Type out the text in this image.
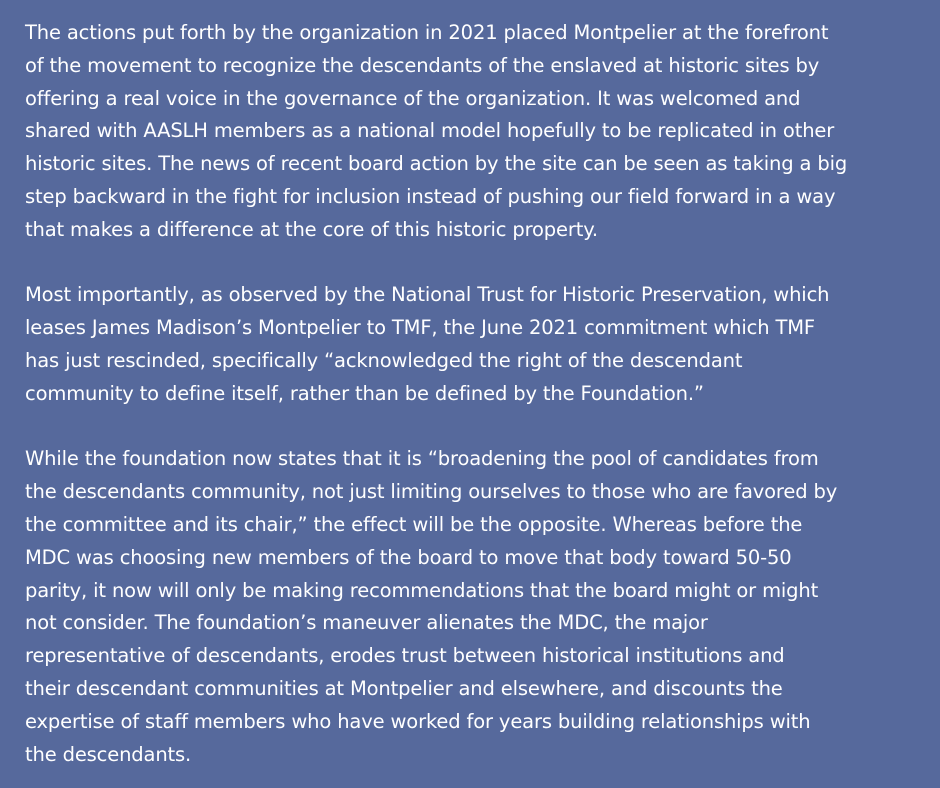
The actions put forth by the organization in 2021 placed Montpelier at the forefront
of the movement to recognize the descendants of the enslaved at historic sites by
offering a real voice in the governance of the organization. It was welcomed and
shared with AASLH members as a national model hopefully to be replicated in other
historic sites. The news of recent board action by the site can be seen as taking a big
step backward in the fight for inclusion instead of pushing our field forward in a way
that makes a difference at the core of this historic property.

Most importantly, as observed by the National Trust for Historic Preservation, which
leases James Madison’s Montpelier to TMF, the June 2021 commitment which TMF
has just rescinded, specifically “acknowledged the right of the descendant
community to define itself, rather than be defined by the Foundation.”

While the foundation now states that it is “broadening the pool of candidates from
the descendants community, not just limiting ourselves to those who are favored by
the committee and its chair,” the effect will be the opposite. Whereas before the
MDC was choosing new members of the board to move that body toward 50-50
parity, it now will only be making recommendations that the board might or might
not consider. The foundation’s maneuver alienates the MDC, the major
representative of descendants, erodes trust between historical institutions and
their descendant communities at Montpelier and elsewhere, and discounts the
expertise of staff members who have worked for years building relationships with
the descendants.
